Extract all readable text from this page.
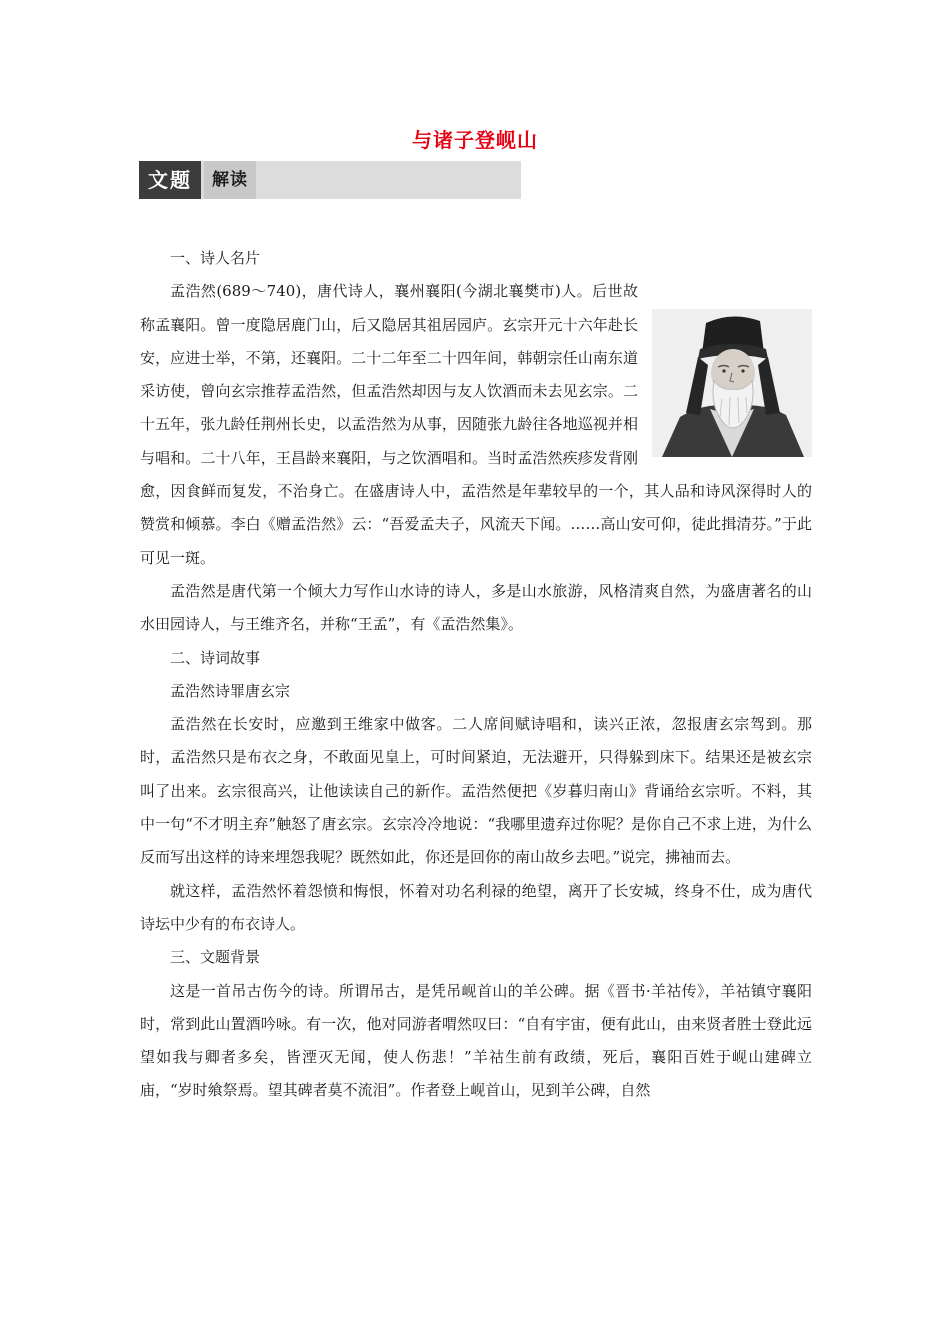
与诸子登岘山
文题	解读

一、诗人名片

孟浩然(689～740)，唐代诗人，襄州襄阳(今湖北襄樊市)人。后世故称孟襄阳。曾一度隐居鹿门山，后又隐居其祖居园庐。玄宗开元十六年赴长安，应进士举，不第，还襄阳。二十二年至二十四年间，韩朝宗任山南东道采访使，曾向玄宗推荐孟浩然，但孟浩然却因与友人饮酒而未去见玄宗。二十五年，张九龄任荆州长史，以孟浩然为从事，因随张九龄往各地巡视并相与唱和。二十八年，王昌龄来襄阳，与之饮酒唱和。当时孟浩然疾疹发背刚愈，因食鲜而复发，不治身亡。在盛唐诗人中，孟浩然是年辈较早的一个，其人品和诗风深得时人的赞赏和倾慕。李白《赠孟浩然》云：“吾爱孟夫子，风流天下闻。……高山安可仰，徒此揖清芬。”于此可见一斑。

孟浩然是唐代第一个倾大力写作山水诗的诗人，多是山水旅游，风格清爽自然，为盛唐著名的山水田园诗人，与王维齐名，并称“王孟”，有《孟浩然集》。

二、诗词故事

孟浩然诗罪唐玄宗

孟浩然在长安时，应邀到王维家中做客。二人席间赋诗唱和，读兴正浓，忽报唐玄宗驾到。那时，孟浩然只是布衣之身，不敢面见皇上，可时间紧迫，无法避开，只得躲到床下。结果还是被玄宗叫了出来。玄宗很高兴，让他读读自己的新作。孟浩然便把《岁暮归南山》背诵给玄宗听。不料，其中一句“不才明主弃”触怒了唐玄宗。玄宗冷冷地说：“我哪里遗弃过你呢？是你自己不求上进，为什么反而写出这样的诗来埋怨我呢？既然如此，你还是回你的南山故乡去吧。”说完，拂袖而去。

就这样，孟浩然怀着怨愤和悔恨，怀着对功名利禄的绝望，离开了长安城，终身不仕，成为唐代诗坛中少有的布衣诗人。

三、文题背景

这是一首吊古伤今的诗。所谓吊古，是凭吊岘首山的羊公碑。据《晋书·羊祜传》，羊祜镇守襄阳时，常到此山置酒吟咏。有一次，他对同游者喟然叹曰：“自有宇宙，便有此山，由来贤者胜士登此远望如我与卿者多矣，皆湮灭无闻，使人伤悲！”羊祜生前有政绩，死后，襄阳百姓于岘山建碑立庙，“岁时飨祭焉。望其碑者莫不流泪”。作者登上岘首山，见到羊公碑，自然
